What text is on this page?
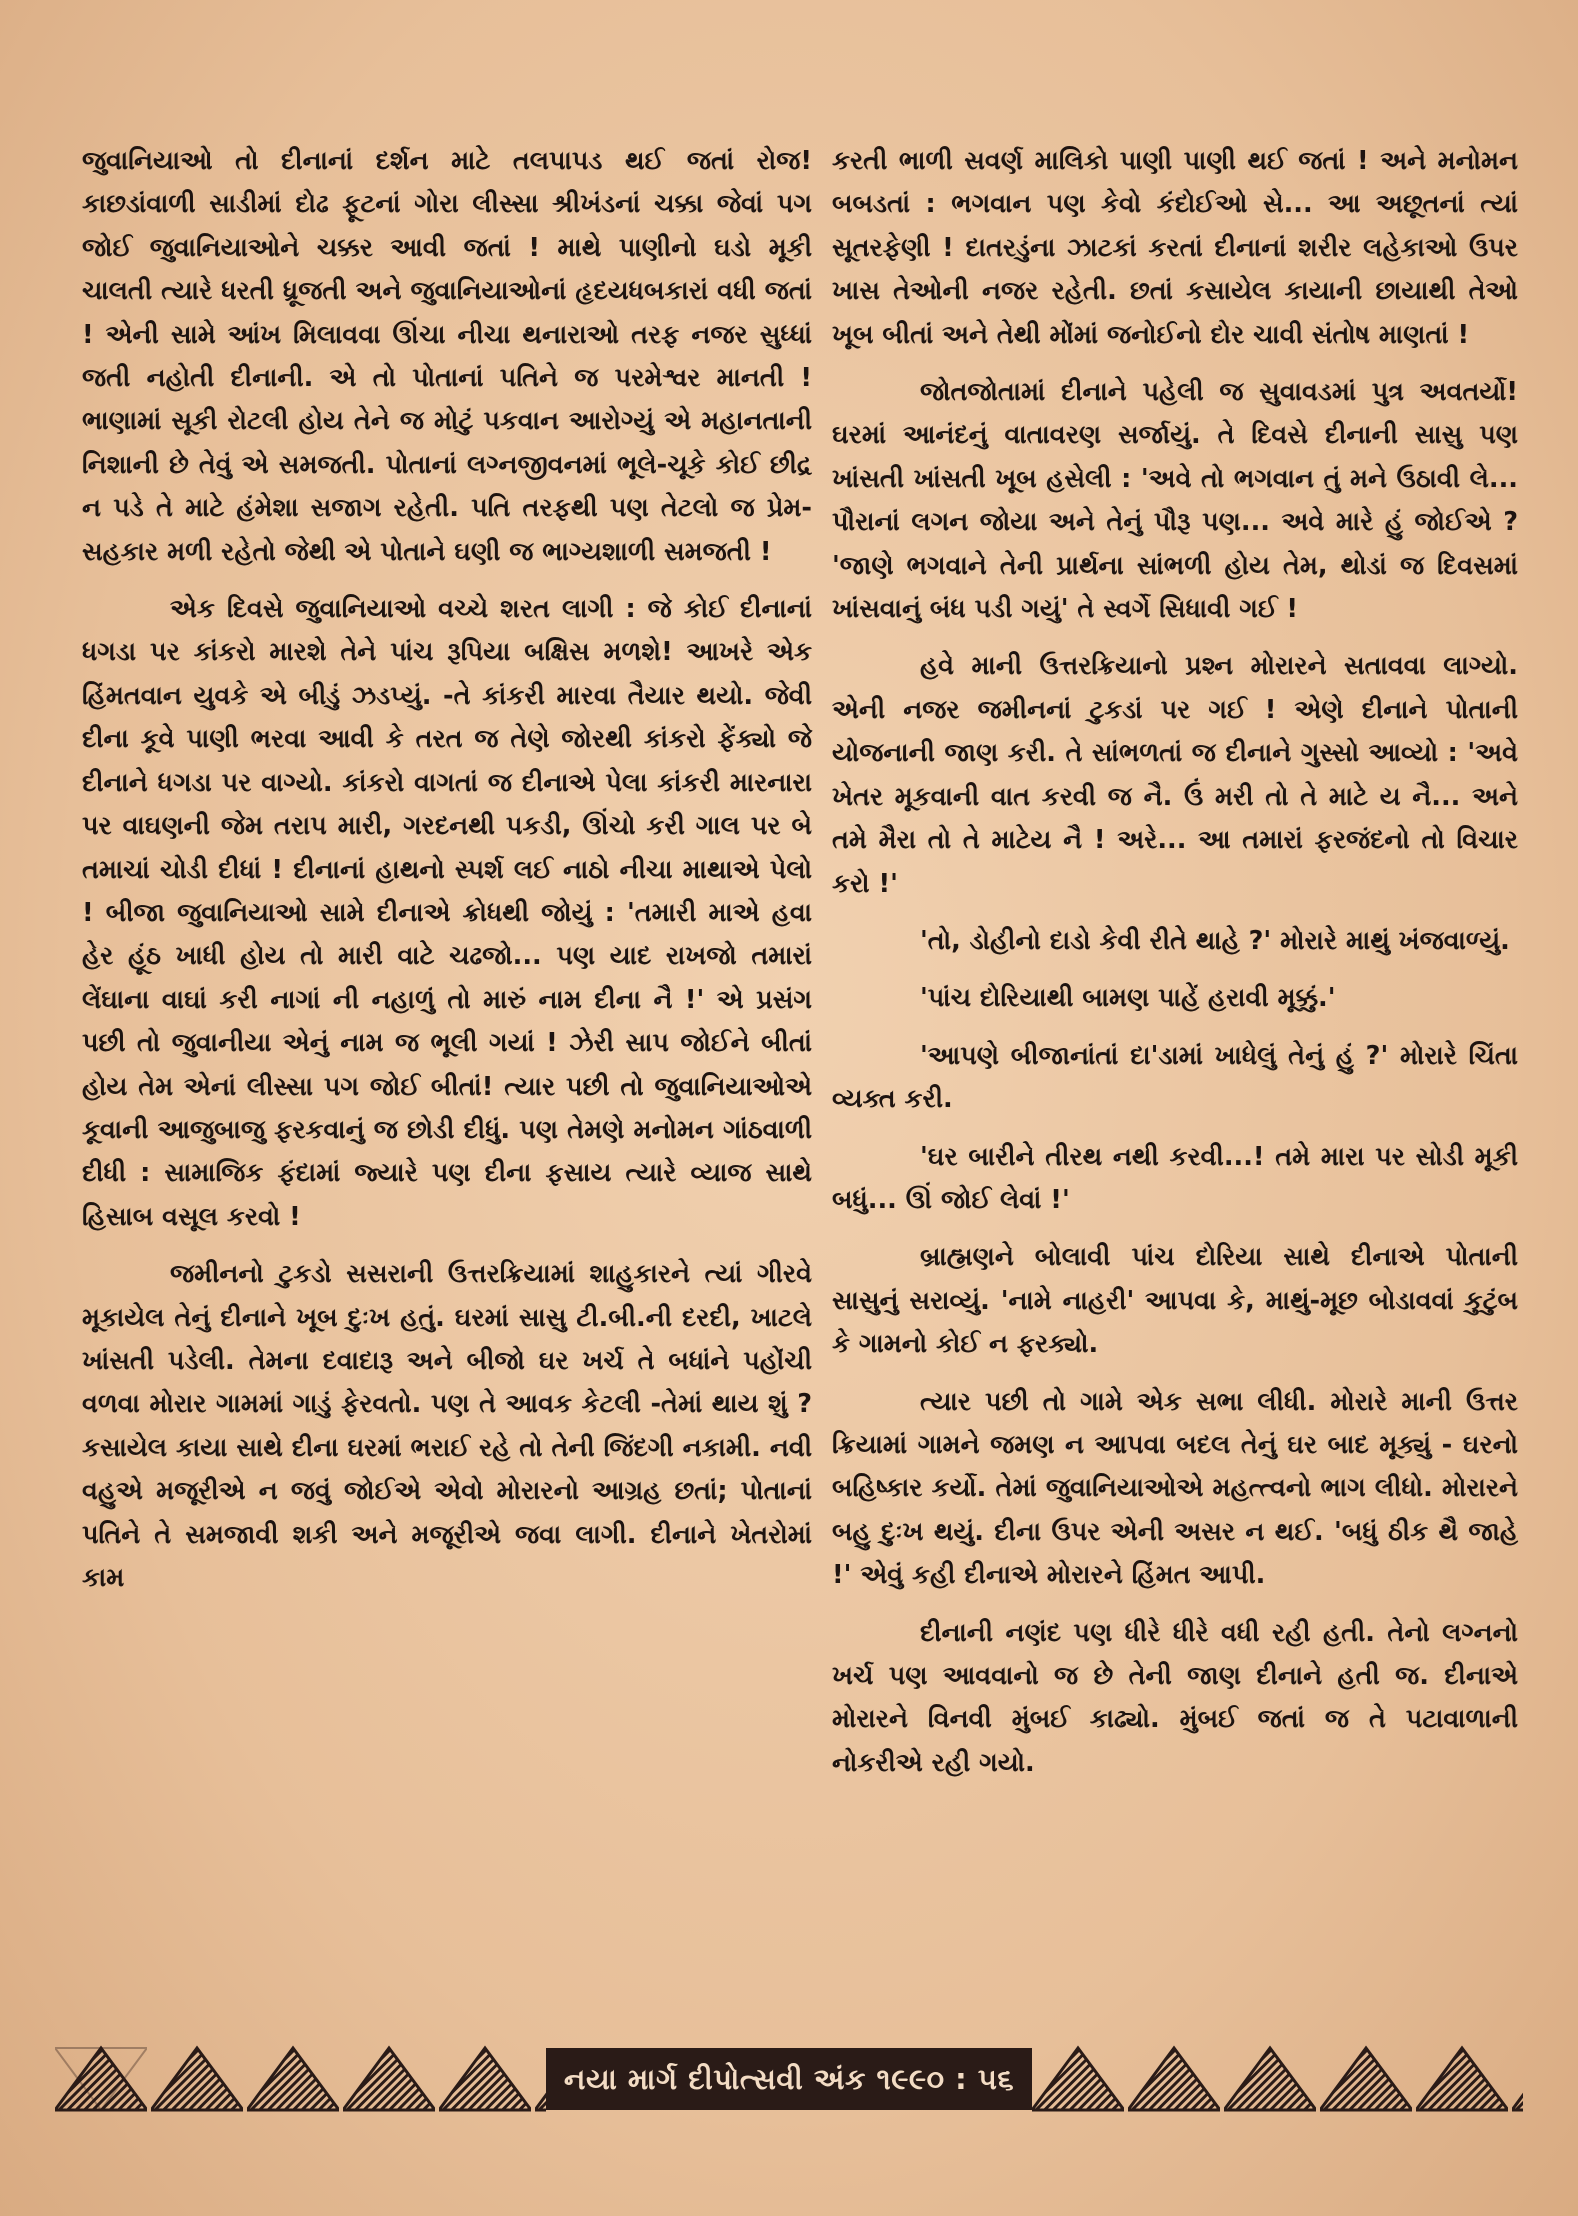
જુવાનિયાઓ તો દીનાનાં દર્શન માટે તલપાપડ થઈ જતાં રોજ! કાછડાંવાળી સાડીમાં દોઢ ફૂટનાં ગોરા લીસ્સા શ્રીખંડનાં ચક્કા જેવાં પગ જોઈ જુવાનિયાઓને ચક્કર આવી જતાં ! માથે પાણીનો ઘડો મૂકી ચાલતી ત્યારે ધરતી ધ્રૂજતી અને જુવાનિયાઓનાં હૃદયધબકારાં વધી જતાં ! એની સામે આંખ મિલાવવા ઊંચા નીચા થનારાઓ તરફ નજર સુધ્ધાં જતી નહોતી દીનાની. એ તો પોતાનાં પતિને જ પરમેશ્વર માનતી ! ભાણામાં સૂકી રોટલી હોય તેને જ મોટું પકવાન આરોગ્યું એ મહાનતાની નિશાની છે તેવું એ સમજતી. પોતાનાં લગ્નજીવનમાં ભૂલે-ચૂકે કોઈ છીદ્ર ન પડે તે માટે હંમેશા સજાગ રહેતી. પતિ તરફથી પણ તેટલો જ પ્રેમ-સહકાર મળી રહેતો જેથી એ પોતાને ઘણી જ ભાગ્યશાળી સમજતી !

એક દિવસે જુવાનિયાઓ વચ્ચે શરત લાગી : જે કોઈ દીનાનાં ધગડા પર કાંકરો મારશે તેને પાંચ રૂપિયા બક્ષિસ મળશે! આખરે એક હિંમતવાન યુવકે એ બીડું ઝડપ્યું. -તે કાંકરી મારવા તૈયાર થયો. જેવી દીના કૂવે પાણી ભરવા આવી કે તરત જ તેણે જોરથી કાંકરો ફેંક્યો જે દીનાને ધગડા પર વાગ્યો. કાંકરો વાગતાં જ દીનાએ પેલા કાંકરી મારનારા પર વાઘણની જેમ તરાપ મારી, ગરદનથી પકડી, ઊંચો કરી ગાલ પર બે તમાચાં ચોડી દીધાં ! દીનાનાં હાથનો સ્પર્શ લઈ નાઠો નીચા માથાએ પેલો ! બીજા જુવાનિયાઓ સામે દીનાએ ક્રોધથી જોયું : 'તમારી માએ હવા હેર હૂંઠ ખાધી હોય તો મારી વાટે ચઢજો... પણ યાદ રાખજો તમારાં લેંઘાના વાઘાં કરી નાગાં ની નહાળું તો મારું નામ દીના નૈ !' એ પ્રસંગ પછી તો જુવાનીયા એનું નામ જ ભૂલી ગયાં ! ઝેરી સાપ જોઈને બીતાં હોય તેમ એનાં લીસ્સા પગ જોઈ બીતાં! ત્યાર પછી તો જુવાનિયાઓએ કૂવાની આજુબાજુ ફરકવાનું જ છોડી દીધું. પણ તેમણે મનોમન ગાંઠવાળી દીધી : સામાજિક ફંદામાં જ્યારે પણ દીના ફસાય ત્યારે વ્યાજ સાથે હિસાબ વસૂલ કરવો !

જમીનનો ટુકડો સસરાની ઉત્તરક્રિયામાં શાહુકારને ત્યાં ગીરવે મૂકાયેલ તેનું દીનાને ખૂબ દુઃખ હતું. ઘરમાં સાસુ ટી.બી.ની દરદી, ખાટલે ખાંસતી પડેલી. તેમના દવાદારૂ અને બીજો ઘર ખર્ચ તે બધાંને પહોંચી વળવા મોરાર ગામમાં ગાડું ફેરવતો. પણ તે આવક કેટલી -તેમાં થાય શું ? કસાયેલ કાયા સાથે દીના ઘરમાં ભરાઈ રહે તો તેની જિંદગી નકામી. નવી વહુએ મજૂરીએ ન જવું જોઈએ એવો મોરારનો આગ્રહ છતાં; પોતાનાં પતિને તે સમજાવી શકી અને મજૂરીએ જવા લાગી. દીનાને ખેતરોમાં કામ

કરતી ભાળી સવર્ણ માલિકો પાણી પાણી થઈ જતાં ! અને મનોમન બબડતાં : ભગવાન પણ કેવો કંદોઈઓ સે... આ અછૂતનાં ત્યાં સૂતરફેણી ! દાતરડુંના ઝાટકાં કરતાં દીનાનાં શરીર લહેકાઓ ઉપર ખાસ તેઓની નજર રહેતી. છતાં કસાયેલ કાયાની છાયાથી તેઓ ખૂબ બીતાં અને તેથી મોંમાં જનોઈનો દોર ચાવી સંતોષ માણતાં !

જોતજોતામાં દીનાને પહેલી જ સુવાવડમાં પુત્ર અવતર્યો! ઘરમાં આનંદનું વાતાવરણ સર્જાયું. તે દિવસે દીનાની સાસુ પણ ખાંસતી ખાંસતી ખૂબ હસેલી : 'અવે તો ભગવાન તું મને ઉઠાવી લે... પૌરાનાં લગન જોયા અને તેનું પૌરૂ પણ... અવે મારે હું જોઈએ ? 'જાણે ભગવાને તેની પ્રાર્થના સાંભળી હોય તેમ, થોડાં જ દિવસમાં ખાંસવાનું બંધ પડી ગયું' તે સ્વર્ગે સિધાવી ગઈ !

હવે માની ઉત્તરક્રિયાનો પ્રશ્ન મોરારને સતાવવા લાગ્યો. એની નજર જમીનનાં ટુકડાં પર ગઈ ! એણે દીનાને પોતાની યોજનાની જાણ કરી. તે સાંભળતાં જ દીનાને ગુસ્સો આવ્યો : 'અવે ખેતર મૂકવાની વાત કરવી જ નૈ. ઉં મરી તો તે માટે ય નૈ... અને તમે મૈરા તો તે માટેય નૈ ! અરે... આ તમારાં ફરજંદનો તો વિચાર કરો !'

'તો, ડોહીનો દાડો કેવી રીતે થાહે ?' મોરારે માથું ખંજવાળ્યું.

'પાંચ દોરિયાથી બામણ પાહેં હરાવી મૂક્કું.'

'આપણે બીજાનાંતાં દા'ડામાં ખાધેલું તેનું હું ?' મોરારે ચિંતા વ્યક્ત કરી.

'ઘર બારીને તીરથ નથી કરવી...! તમે મારા પર સોડી મૂકી બધું... ઊં જોઈ લેવાં !'

બ્રાહ્મણને બોલાવી પાંચ દોરિયા સાથે દીનાએ પોતાની સાસુનું સરાવ્યું. 'નામે નાહરી' આપવા કે, માથું-મૂછ બોડાવવાં કુટુંબ કે ગામનો કોઈ ન ફરક્યો.

ત્યાર પછી તો ગામે એક સભા લીધી. મોરારે માની ઉત્તર ક્રિયામાં ગામને જમણ ન આપવા બદલ તેનું ઘર બાદ મૂક્યું - ઘરનો બહિષ્કાર કર્યો. તેમાં જુવાનિયાઓએ મહત્ત્વનો ભાગ લીધો. મોરારને બહુ દુઃખ થયું. દીના ઉપર એની અસર ન થઈ. 'બધું ઠીક થૈ જાહે !' એવું કહી દીનાએ મોરારને હિંમત આપી.

દીનાની નણંદ પણ ધીરે ધીરે વધી રહી હતી. તેનો લગ્નનો ખર્ચ પણ આવવાનો જ છે તેની જાણ દીનાને હતી જ. દીનાએ મોરારને વિનવી મુંબઈ કાઢ્યો. મુંબઈ જતાં જ તે પટાવાળાની નોકરીએ રહી ગયો.

નયા માર્ગ દીપોત્સવી અંક ૧૯૯૦ : ૫૬
